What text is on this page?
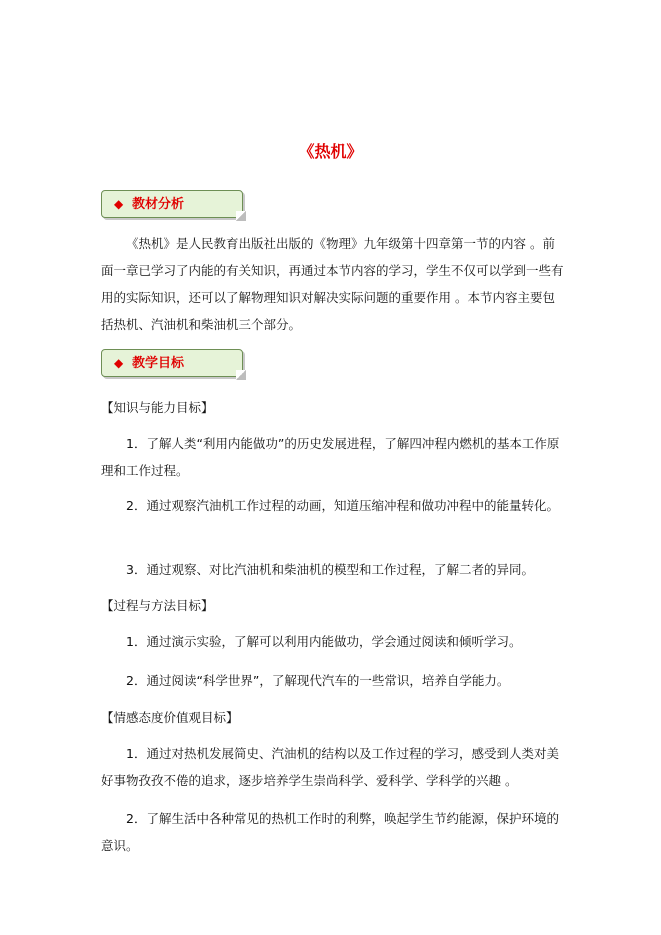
《热机》
◆ 教材分析

《热机》是人民教育出版社出版的《物理》九年级第十四章第一节的内容 。前面一章已学习了内能的有关知识，再通过本节内容的学习，学生不仅可以学到一些有用的实际知识，还可以了解物理知识对解决实际问题的重要作用 。本节内容主要包括热机、汽油机和柴油机三个部分。

◆ 教学目标

【知识与能力目标】

1．了解人类“利用内能做功”的历史发展进程，了解四冲程内燃机的基本工作原理和工作过程。

2．通过观察汽油机工作过程的动画，知道压缩冲程和做功冲程中的能量转化。

3．通过观察、对比汽油机和柴油机的模型和工作过程，了解二者的异同。

【过程与方法目标】

1．通过演示实验，了解可以利用内能做功，学会通过阅读和倾听学习。

2．通过阅读“科学世界”，了解现代汽车的一些常识，培养自学能力。

【情感态度价值观目标】

1．通过对热机发展简史、汽油机的结构以及工作过程的学习，感受到人类对美好事物孜孜不倦的追求，逐步培养学生崇尚科学、爱科学、学科学的兴趣 。

2．了解生活中各种常见的热机工作时的利弊，唤起学生节约能源，保护环境的意识。
